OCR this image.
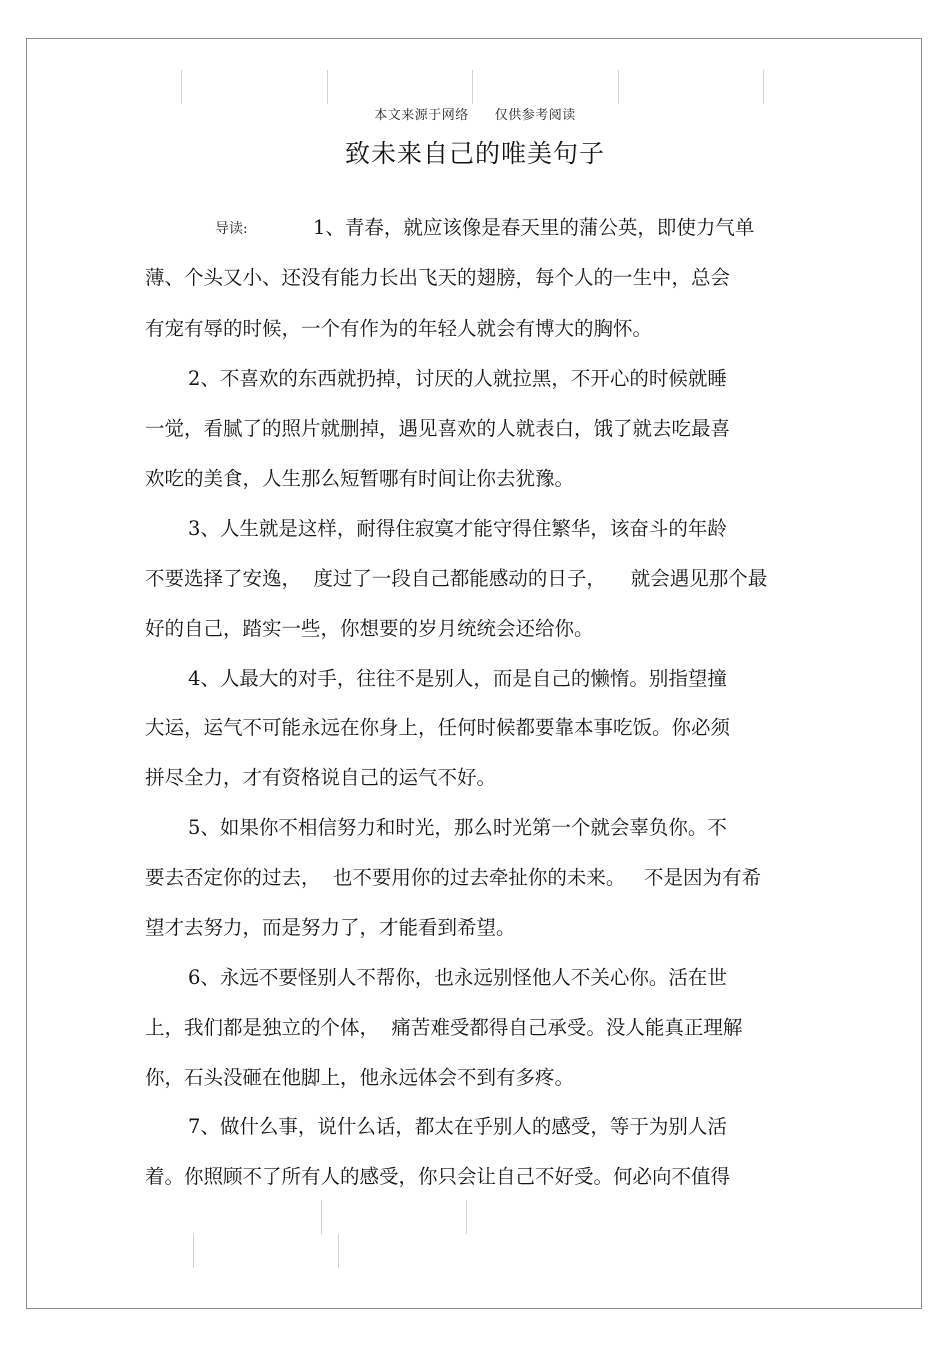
本文来源于网络 仅供参考阅读
致未来自己的唯美句子
导读:	1、青春，就应该像是春天里的蒲公英，即使力气单
薄、个头又小、还没有能力长出飞天的翅膀，每个人的一生中，总会
有宠有辱的时候，一个有作为的年轻人就会有博大的胸怀。
2、不喜欢的东西就扔掉，讨厌的人就拉黑，不开心的时候就睡
一觉，看腻了的照片就删掉，遇见喜欢的人就表白，饿了就去吃最喜
欢吃的美食，人生那么短暂哪有时间让你去犹豫。
3、人生就是这样，耐得住寂寞才能守得住繁华，该奋斗的年龄
不要选择了安逸，  度过了一段自己都能感动的日子，    就会遇见那个最
好的自己，踏实一些，你想要的岁月统统会还给你。
4、人最大的对手，往往不是别人，而是自己的懒惰。别指望撞
大运，运气不可能永远在你身上，任何时候都要靠本事吃饭。你必须
拼尽全力，才有资格说自己的运气不好。
5、如果你不相信努力和时光，那么时光第一个就会辜负你。不
要去否定你的过去，  也不要用你的过去牵扯你的未来。   不是因为有希
望才去努力，而是努力了，才能看到希望。
6、永远不要怪别人不帮你，也永远别怪他人不关心你。活在世
上，我们都是独立的个体，  痛苦难受都得自己承受。没人能真正理解
你，石头没砸在他脚上，他永远体会不到有多疼。
7、做什么事，说什么话，都太在乎别人的感受，等于为别人活
着。你照顾不了所有人的感受，你只会让自己不好受。何必向不值得
